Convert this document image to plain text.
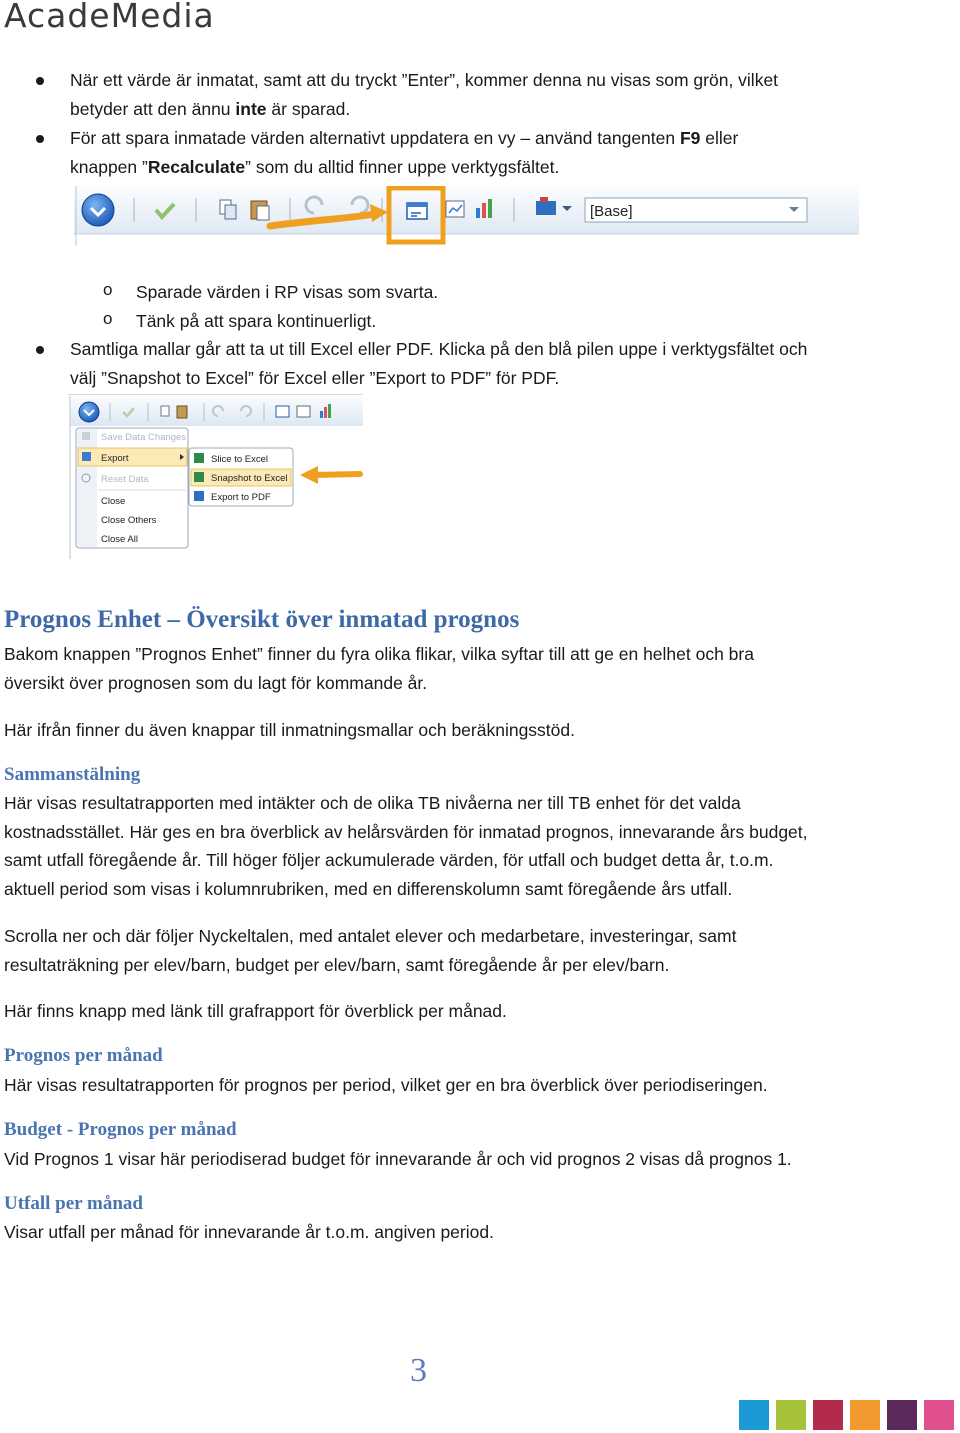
AcadeMedia
När ett värde är inmatat, samt att du tryckt ”Enter”, kommer denna nu visas som grön, vilket
betyder att den ännu inte är sparad.
För att spara inmatade värden alternativt uppdatera en vy – använd tangenten F9 eller
knappen ”Recalculate” som du alltid finner uppe verktygsfältet.
[Base]
o Sparade värden i RP visas som svarta.
o Tänk på att spara kontinuerligt.
Samtliga mallar går att ta ut till Excel eller PDF. Klicka på den blå pilen uppe i verktygsfältet och
välj ”Snapshot to Excel” för Excel eller ”Export to PDF” för PDF.
Save Data Changes
Export
Reset Data
Close
Close Others
Close All
Slice to Excel
Snapshot to Excel
Export to PDF
Prognos Enhet – Översikt över inmatad prognos
Bakom knappen ”Prognos Enhet” finner du fyra olika flikar, vilka syftar till att ge en helhet och bra
översikt över prognosen som du lagt för kommande år.
Här ifrån finner du även knappar till inmatningsmallar och beräkningsstöd.
Sammanstälning
Här visas resultatrapporten med intäkter och de olika TB nivåerna ner till TB enhet för det valda
kostnadsstället. Här ges en bra överblick av helårsvärden för inmatad prognos, innevarande års budget,
samt utfall föregående år. Till höger följer ackumulerade värden, för utfall och budget detta år, t.o.m.
aktuell period som visas i kolumnrubriken, med en differenskolumn samt föregående års utfall.
Scrolla ner och där följer Nyckeltalen, med antalet elever och medarbetare, investeringar, samt
resultaträkning per elev/barn, budget per elev/barn, samt föregående år per elev/barn.
Här finns knapp med länk till grafrapport för överblick per månad.
Prognos per månad
Här visas resultatrapporten för prognos per period, vilket ger en bra överblick över periodiseringen.
Budget - Prognos per månad
Vid Prognos 1 visar här periodiserad budget för innevarande år och vid prognos 2 visas då prognos 1.
Utfall per månad
Visar utfall per månad för innevarande år t.o.m. angiven period.
3
